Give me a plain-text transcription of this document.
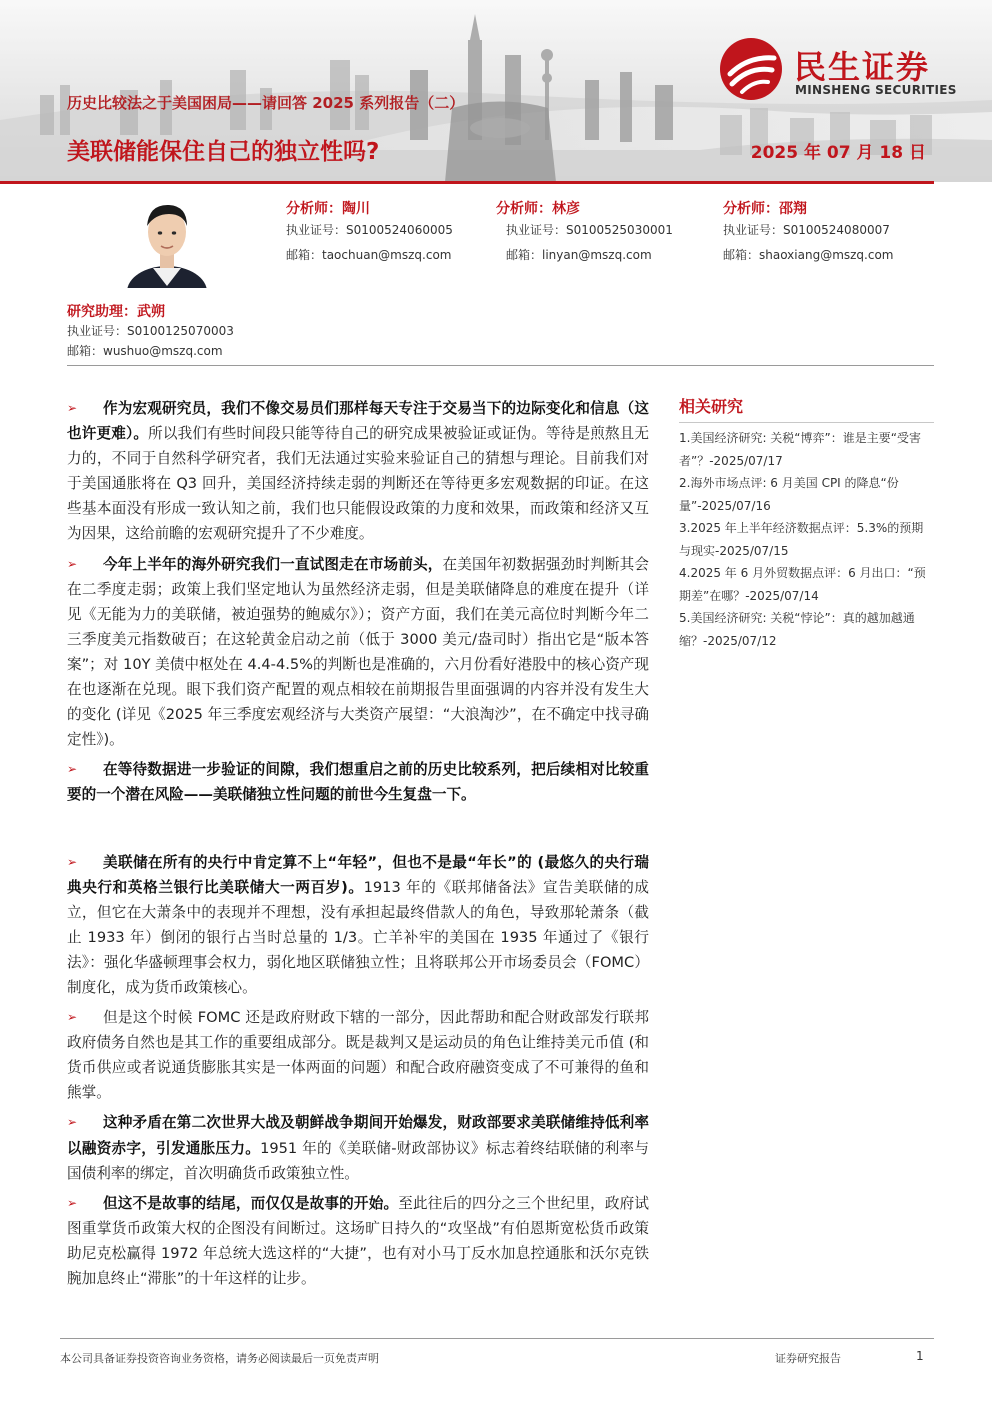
民生证券
MINSHENG SECURITIES
历史比较法之于美国困局——请回答 2025 系列报告（二）
美联储能保住自己的独立性吗?	2025 年 07 月 18 日
分析师：陶川
执业证号：S0100524060005
邮箱：taochuan@mszq.com
分析师：林彦
执业证号：S0100525030001
邮箱：linyan@mszq.com
分析师：邵翔
执业证号：S0100524080007
邮箱：shaoxiang@mszq.com
研究助理：武朔
执业证号：S0100125070003
邮箱：wushuo@mszq.com
➢ 作为宏观研究员，我们不像交易员们那样每天专注于交易当下的边际变化和信息（这也许更难）。所以我们有些时间段只能等待自己的研究成果被验证或证伪。等待是煎熬且无力的，不同于自然科学研究者，我们无法通过实验来验证自己的猜想与理论。目前我们对于美国通胀将在 Q3 回升，美国经济持续走弱的判断还在等待更多宏观数据的印证。在这些基本面没有形成一致认知之前，我们也只能假设政策的力度和效果，而政策和经济又互为因果，这给前瞻的宏观研究提升了不少难度。
➢ 今年上半年的海外研究我们一直试图走在市场前头，在美国年初数据强劲时判断其会在二季度走弱；政策上我们坚定地认为虽然经济走弱，但是美联储降息的难度在提升（详见《无能为力的美联储，被迫强势的鲍威尔》）；资产方面，我们在美元高位时判断今年二三季度美元指数破百；在这轮黄金启动之前（低于 3000 美元/盎司时）指出它是“版本答案”；对 10Y 美债中枢处在 4.4-4.5%的判断也是准确的，六月份看好港股中的核心资产现在也逐渐在兑现。眼下我们资产配置的观点相较在前期报告里面强调的内容并没有发生大的变化 (详见《2025 年三季度宏观经济与大类资产展望：“大浪淘沙”，在不确定中找寻确定性》)。
➢ 在等待数据进一步验证的间隙，我们想重启之前的历史比较系列，把后续相对比较重要的一个潜在风险——美联储独立性问题的前世今生复盘一下。
➢ 美联储在所有的央行中肯定算不上“年轻”，但也不是最“年长”的 (最悠久的央行瑞典央行和英格兰银行比美联储大一两百岁)。1913 年的《联邦储备法》宣告美联储的成立，但它在大萧条中的表现并不理想，没有承担起最终借款人的角色，导致那轮萧条（截止 1933 年）倒闭的银行占当时总量的 1/3。亡羊补牢的美国在 1935 年通过了《银行法》：强化华盛顿理事会权力，弱化地区联储独立性；且将联邦公开市场委员会（FOMC）制度化，成为货币政策核心。
➢ 但是这个时候 FOMC 还是政府财政下辖的一部分，因此帮助和配合财政部发行联邦政府债务自然也是其工作的重要组成部分。既是裁判又是运动员的角色让维持美元币值 (和货币供应或者说通货膨胀其实是一体两面的问题）和配合政府融资变成了不可兼得的鱼和熊掌。
➢ 这种矛盾在第二次世界大战及朝鲜战争期间开始爆发，财政部要求美联储维持低利率以融资赤字，引发通胀压力。1951 年的《美联储-财政部协议》标志着终结联储的利率与国债利率的绑定，首次明确货币政策独立性。
➢ 但这不是故事的结尾，而仅仅是故事的开始。至此往后的四分之三个世纪里，政府试图重掌货币政策大权的企图没有间断过。这场旷日持久的“攻坚战”有伯恩斯宽松货币政策助尼克松赢得 1972 年总统大选这样的“大捷”，也有对小马丁反水加息控通胀和沃尔克铁腕加息终止“滞胀”的十年这样的让步。
相关研究
1.美国经济研究: 关税“博弈”：谁是主要“受害者”？-2025/07/17
2.海外市场点评: 6 月美国 CPI 的降息“份量”-2025/07/16
3.2025 年上半年经济数据点评：5.3%的预期与现实-2025/07/15
4.2025 年 6 月外贸数据点评：6 月出口：“预期差”在哪？-2025/07/14
5.美国经济研究: 关税“悖论”：真的越加越通缩？-2025/07/12
本公司具备证券投资咨询业务资格，请务必阅读最后一页免责声明	证券研究报告	1
